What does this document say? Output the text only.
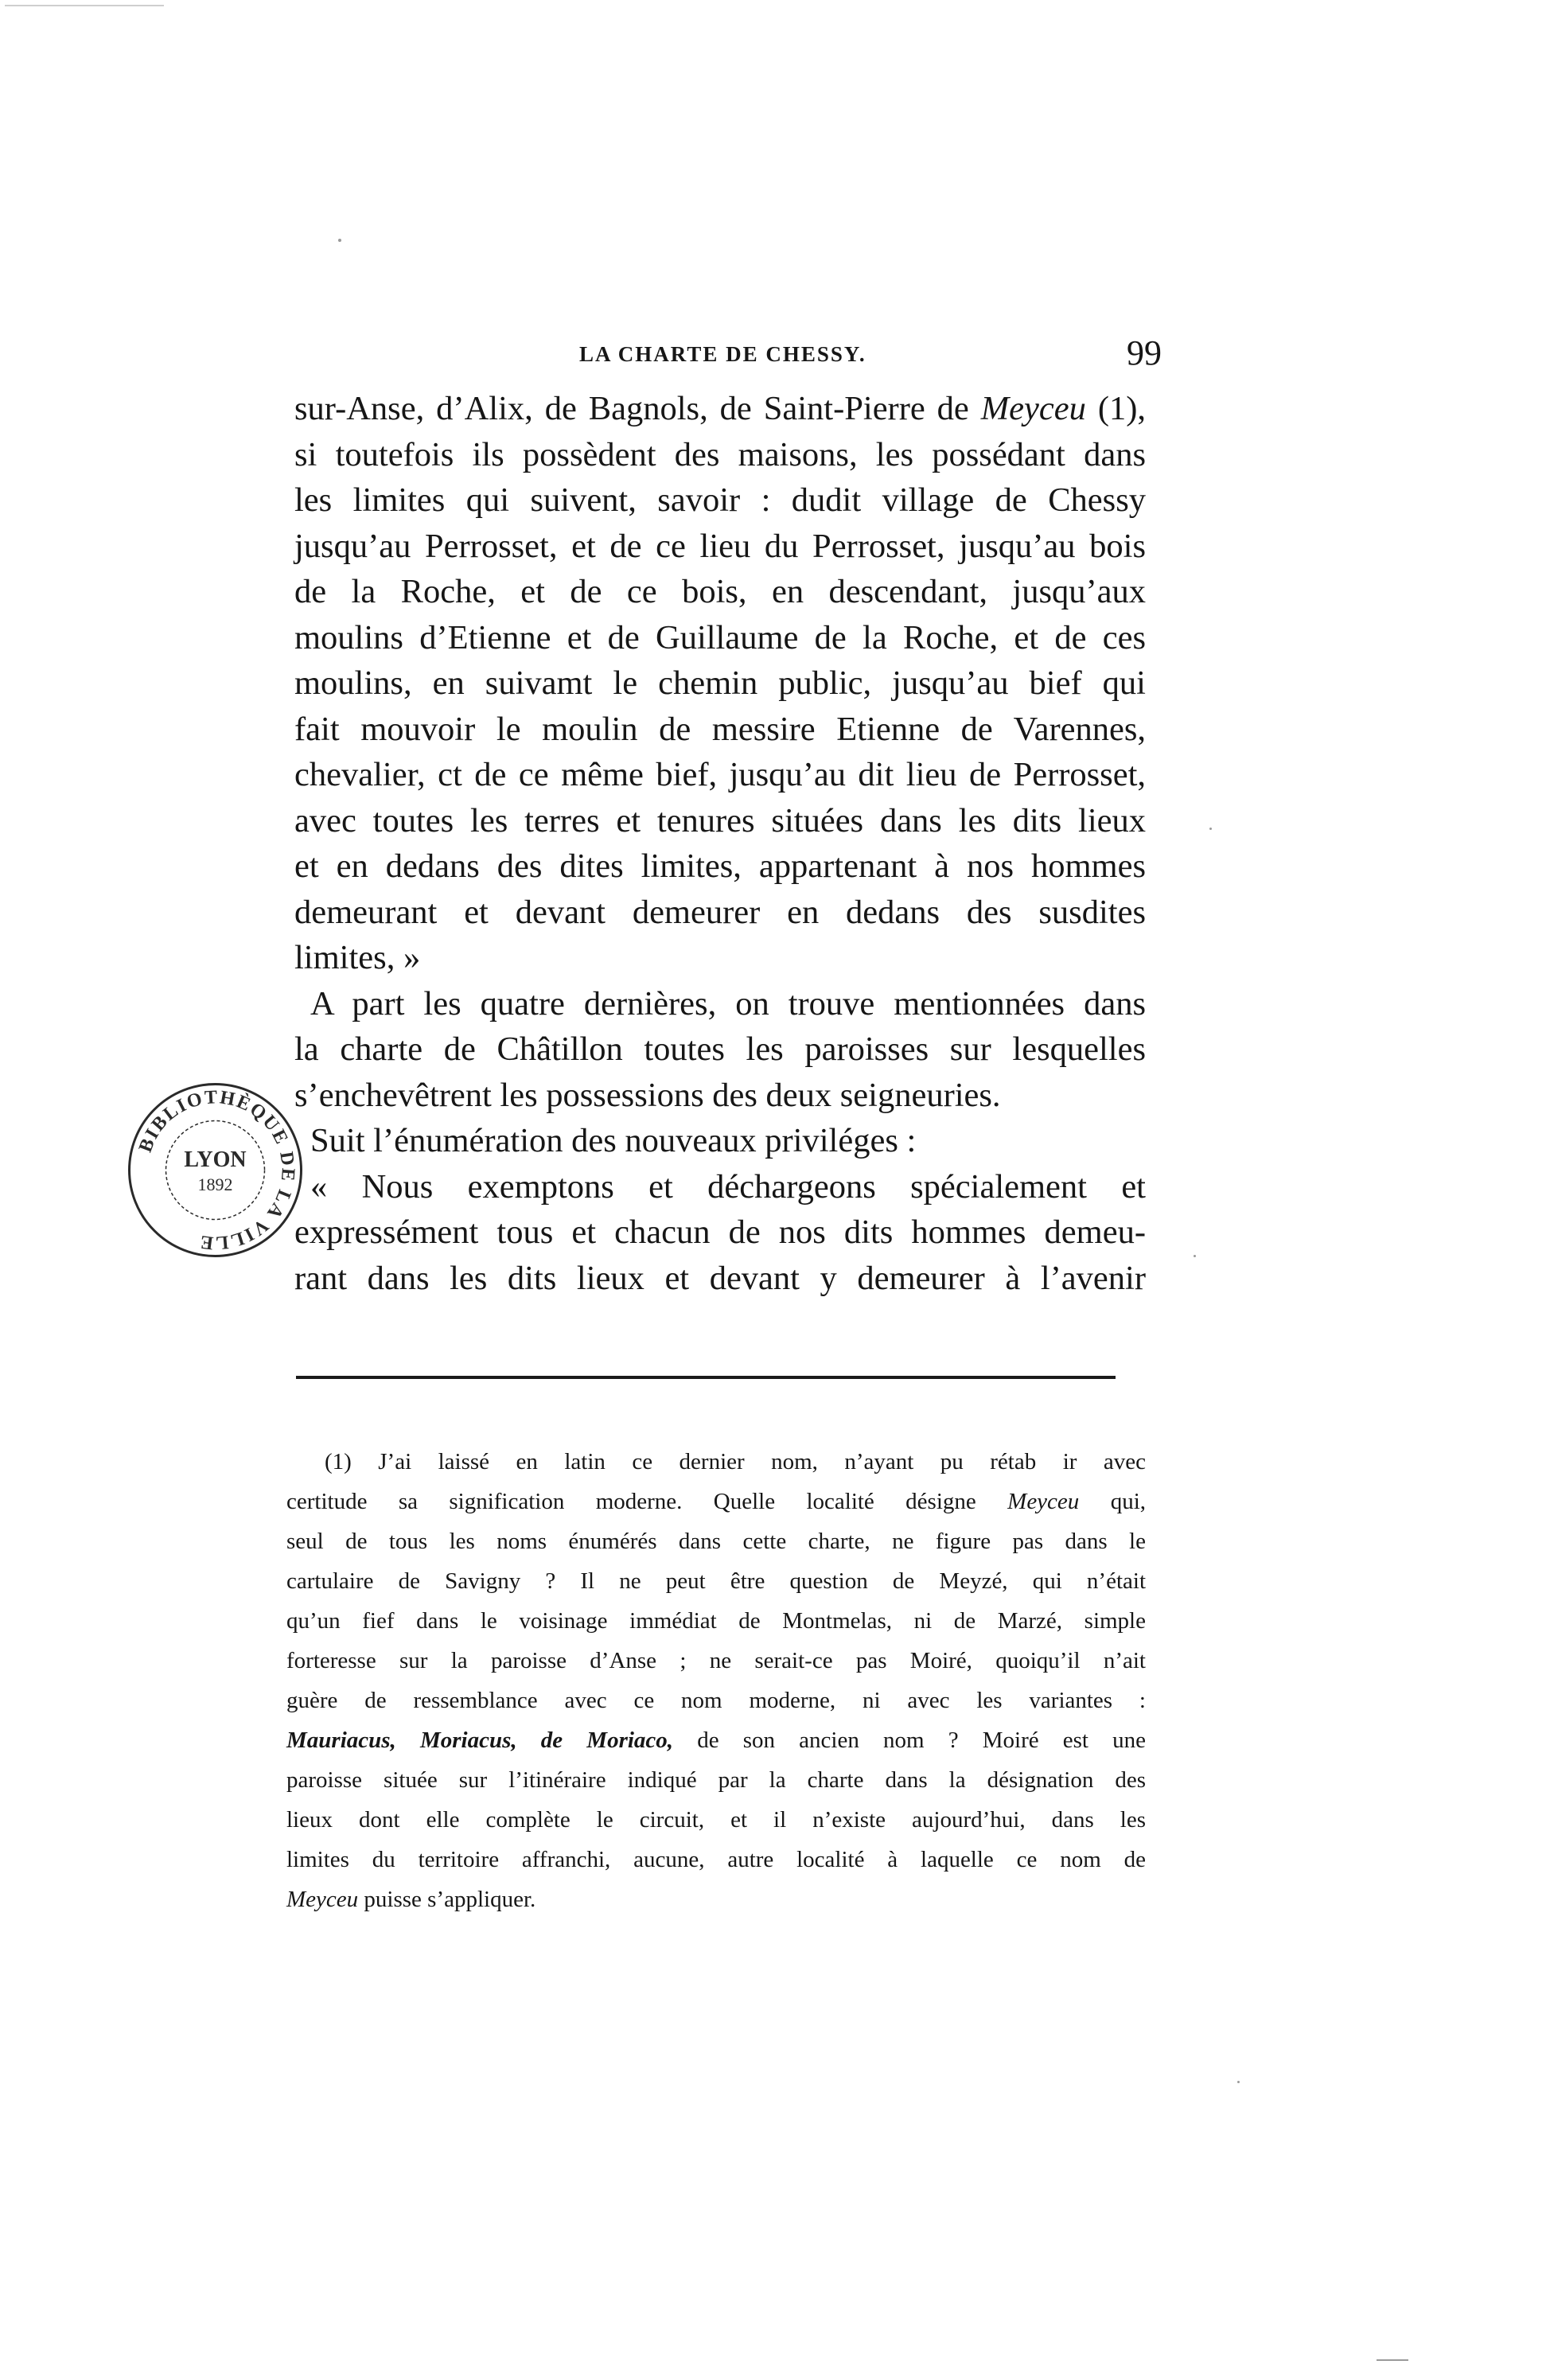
LA CHARTE DE CHESSY.	99
sur-Anse, d’Alix, de Bagnols, de Saint-Pierre de Meyceu (1),
si toutefois ils possèdent des maisons, les possédant dans
les limites qui suivent, savoir : dudit village de Chessy
jusqu’au Perrosset, et de ce lieu du Perrosset, jusqu’au bois
de la Roche, et de ce bois, en descendant, jusqu’aux
moulins d’Etienne et de Guillaume de la Roche, et de ces
moulins, en suivamt le chemin public, jusqu’au bief qui
fait mouvoir le moulin de messire Etienne de Varennes,
chevalier, ct de ce même bief, jusqu’au dit lieu de Perrosset,
avec toutes les terres et tenures situées dans les dits lieux
et en dedans des dites limites, appartenant à nos hommes
demeurant et devant demeurer en dedans des susdites
limites, »
A part les quatre dernières, on trouve mentionnées dans
la charte de Châtillon toutes les paroisses sur lesquelles
s’enchevêtrent les possessions des deux seigneuries.
Suit l’énumération des nouveaux priviléges :
« Nous exemptons et déchargeons spécialement et
expressément tous et chacun de nos dits hommes demeu-
rant dans les dits lieux et devant y demeurer à l’avenir
(1) J’ai laissé en latin ce dernier nom, n’ayant pu rétab ir avec
certitude sa signification moderne. Quelle localité désigne Meyceu qui,
seul de tous les noms énumérés dans cette charte, ne figure pas dans le
cartulaire de Savigny ? Il ne peut être question de Meyzé, qui n’était
qu’un fief dans le voisinage immédiat de Montmelas, ni de Marzé, simple
forteresse sur la paroisse d’Anse ; ne serait-ce pas Moiré, quoiqu’il n’ait
guère de ressemblance avec ce nom moderne, ni avec les variantes :
Mauriacus, Moriacus, de Moriaco, de son ancien nom ? Moiré est une
paroisse située sur l’itinéraire indiqué par la charte dans la désignation des
lieux dont elle complète le circuit, et il n’existe aujourd’hui, dans les
limites du territoire affranchi, aucune, autre localité à laquelle ce nom de
Meyceu puisse s’appliquer.
BIBLIOTHÈQUE DE LA VILLE
LYON
1892
